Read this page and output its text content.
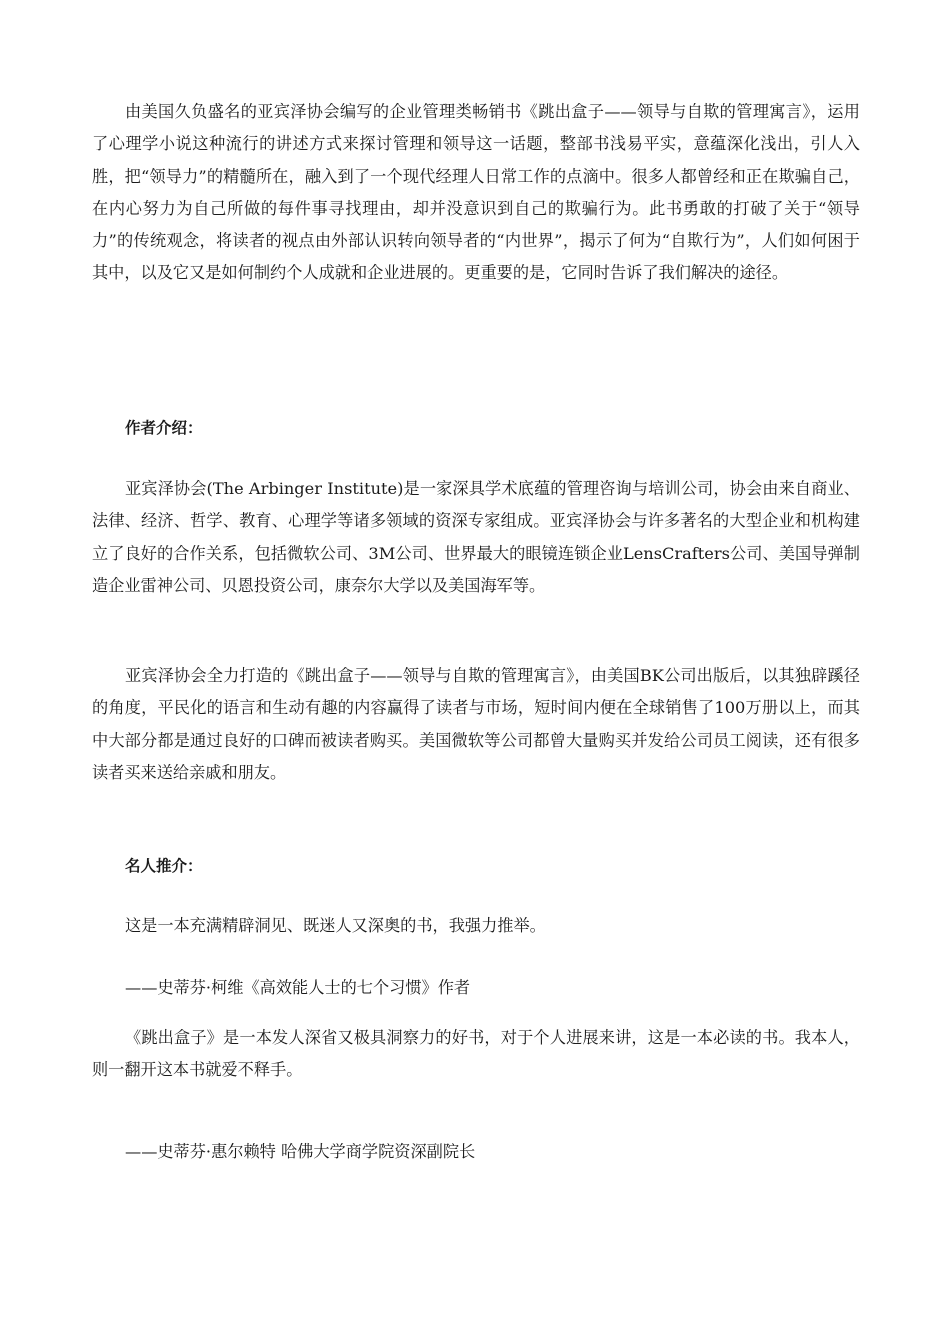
由美国久负盛名的亚宾泽协会编写的企业管理类畅销书《跳出盒子——领导与自欺的管理寓言》，运用了心理学小说这种流行的讲述方式来探讨管理和领导这一话题，整部书浅易平实，意蕴深化浅出，引人入胜，把“领导力”的精髓所在，融入到了一个现代经理人日常工作的点滴中。很多人都曾经和正在欺骗自己，在内心努力为自己所做的每件事寻找理由，却并没意识到自己的欺骗行为。此书勇敢的打破了关于“领导力”的传统观念，将读者的视点由外部认识转向领导者的“内世界”，揭示了何为“自欺行为”，人们如何困于其中，以及它又是如何制约个人成就和企业进展的。更重要的是，它同时告诉了我们解决的途径。

作者介绍：

亚宾泽协会(The Arbinger Institute)是一家深具学术底蕴的管理咨询与培训公司，协会由来自商业、法律、经济、哲学、教育、心理学等诸多领域的资深专家组成。亚宾泽协会与许多著名的大型企业和机构建立了良好的合作关系，包括微软公司、3M公司、世界最大的眼镜连锁企业LensCrafters公司、美国导弹制造企业雷神公司、贝恩投资公司，康奈尔大学以及美国海军等。

亚宾泽协会全力打造的《跳出盒子——领导与自欺的管理寓言》，由美国BK公司出版后，以其独辟蹊径的角度，平民化的语言和生动有趣的内容赢得了读者与市场，短时间内便在全球销售了100万册以上，而其中大部分都是通过良好的口碑而被读者购买。美国微软等公司都曾大量购买并发给公司员工阅读，还有很多读者买来送给亲戚和朋友。

名人推介：

这是一本充满精辟洞见、既迷人又深奥的书，我强力推举。

——史蒂芬·柯维《高效能人士的七个习惯》作者

《跳出盒子》是一本发人深省又极具洞察力的好书，对于个人进展来讲，这是一本必读的书。我本人，则一翻开这本书就爱不释手。

——史蒂芬·惠尔赖特 哈佛大学商学院资深副院长
